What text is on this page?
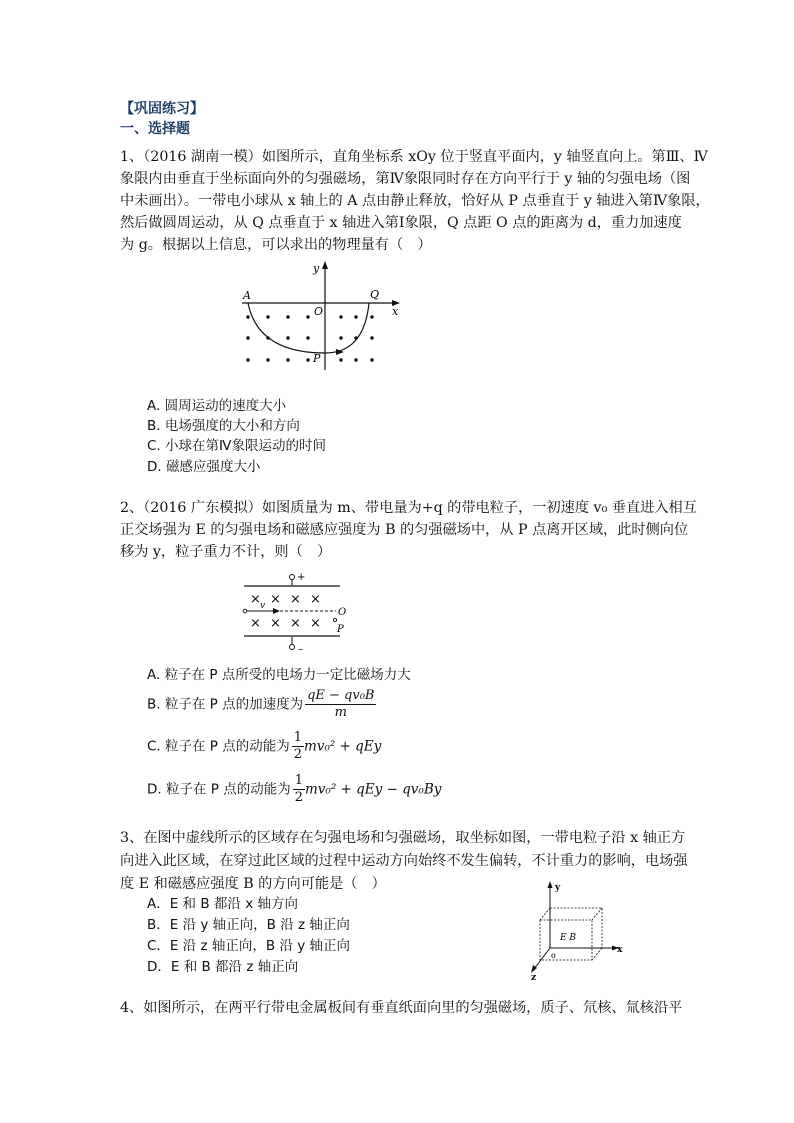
【巩固练习】
一、选择题
1、（2016 湖南一模）如图所示，直角坐标系 xOy 位于竖直平面内，y 轴竖直向上。第Ⅲ、Ⅳ
象限内由垂直于坐标面向外的匀强磁场，第Ⅳ象限同时存在方向平行于 y 轴的匀强电场（图
中未画出）。一带电小球从 x 轴上的 A 点由静止释放，恰好从 P 点垂直于 y 轴进入第Ⅳ象限，
然后做圆周运动，从 Q 点垂直于 x 轴进入第Ⅰ象限，Q 点距 O 点的距离为 d，重力加速度
为 g。根据以上信息，可以求出的物理量有（　）
y
x
A
O
Q
P
A. 圆周运动的速度大小
B. 电场强度的大小和方向
C. 小球在第Ⅳ象限运动的时间
D. 磁感应强度大小
2、（2016 广东模拟）如图质量为 m、带电量为+q 的带电粒子，一初速度 v₀ 垂直进入相互
正交场强为 E 的匀强电场和磁感应强度为 B 的匀强磁场中，从 P 点离开区域，此时侧向位
移为 y，粒子重力不计，则（　）
+
–
× × × ×
× × × ×
v
O
P
A. 粒子在 P 点所受的电场力一定比磁场力大
B. 粒子在 P 点的加速度为 $\frac{\text{qE − qv₀B}}{m}$
C. 粒子在 P 点的动能为 $\frac{1}{2} mv_0^2$ + qEy
D. 粒子在 P 点的动能为 $\frac{1}{2} mv_0^2$ + qEy − qv₀By
3、在图中虚线所示的区域存在匀强电场和匀强磁场，取坐标如图，一带电粒子沿 x 轴正方
向进入此区域，在穿过此区域的过程中运动方向始终不发生偏转，不计重力的影响，电场强
度 E 和磁感应强度 B 的方向可能是（　）
A．E 和 B 都沿 x 轴方向
B．E 沿 y 轴正向，B 沿 z 轴正向
C．E 沿 z 轴正向，B 沿 y 轴正向
D．E 和 B 都沿 z 轴正向
y
x
z
o
E B
4、如图所示，在两平行带电金属板间有垂直纸面向里的匀强磁场，质子、氘核、氚核沿平
